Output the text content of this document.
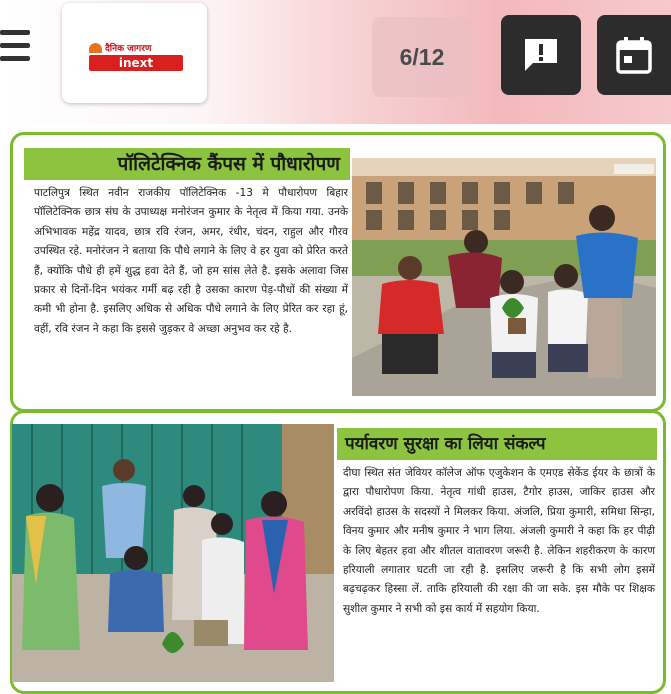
दैनिक जागरण
inext	6/12
पॉलिटेक्निक कैंपस में पौधारोपण
पाटलिपुत्र स्थित नवीन राजकीय पॉलिटेक्निक -13 मे पौधारोपण बिहार पॉलिटेक्निक छात्र संघ के उपाध्यक्ष मनोरंजन कुमार के नेतृत्व में किया गया. उनके अभिभावक महेंद्र यादव, छात्र रवि रंजन, अमर, रंधीर, चंदन, राहुल और गौरव उपस्थित रहे. मनोरंजन ने बताया कि पौधे लगाने के लिए वे हर युवा को प्रेरित करते हैं, क्योंकि पौधे ही हमें शुद्ध हवा देते हैं, जो हम सांस लेते है. इसके अलावा जिस प्रकार से दिनों-दिन भयंकर गर्मी बढ़ रही है उसका कारण पेड़-पौधों की संख्या में कमी भी होना है. इसलिए अधिक से अधिक पौधे लगाने के लिए प्रेरित कर रहा हूं, वहीं, रवि रंजन ने कहा कि इससे जुड़कर वे अच्छा अनुभव कर रहे है.
पर्यावरण सुरक्षा का लिया संकल्प
दीघा स्थित संत जेवियर कॉलेज ऑफ एजुकेशन के एमएड सेकेंड ईयर के छात्रों के द्वारा पौधारोपण किया. नेतृत्व गांधी हाउस, टैगोर हाउस, जाकिर हाउस और अरविंदो हाउस के सदस्यों ने मिलकर किया. अंजलि, प्रिया कुमारी, समिधा सिन्हा, विनय कुमार और मनीष कुमार ने भाग लिया. अंजली कुमारी ने कहा कि हर पीढ़ी के लिए बेहतर हवा और शीतल वातावरण जरूरी है. लेकिन शहरीकरण के कारण हरियाली लगातार घटती जा रही है. इसलिए जरूरी है कि सभी लोग इसमें बढ़चढ़कर हिस्सा लें. ताकि हरियाली की रक्षा की जा सके. इस मौके पर शिक्षक सुशील कुमार ने सभी को इस कार्य में सहयोग किया.
